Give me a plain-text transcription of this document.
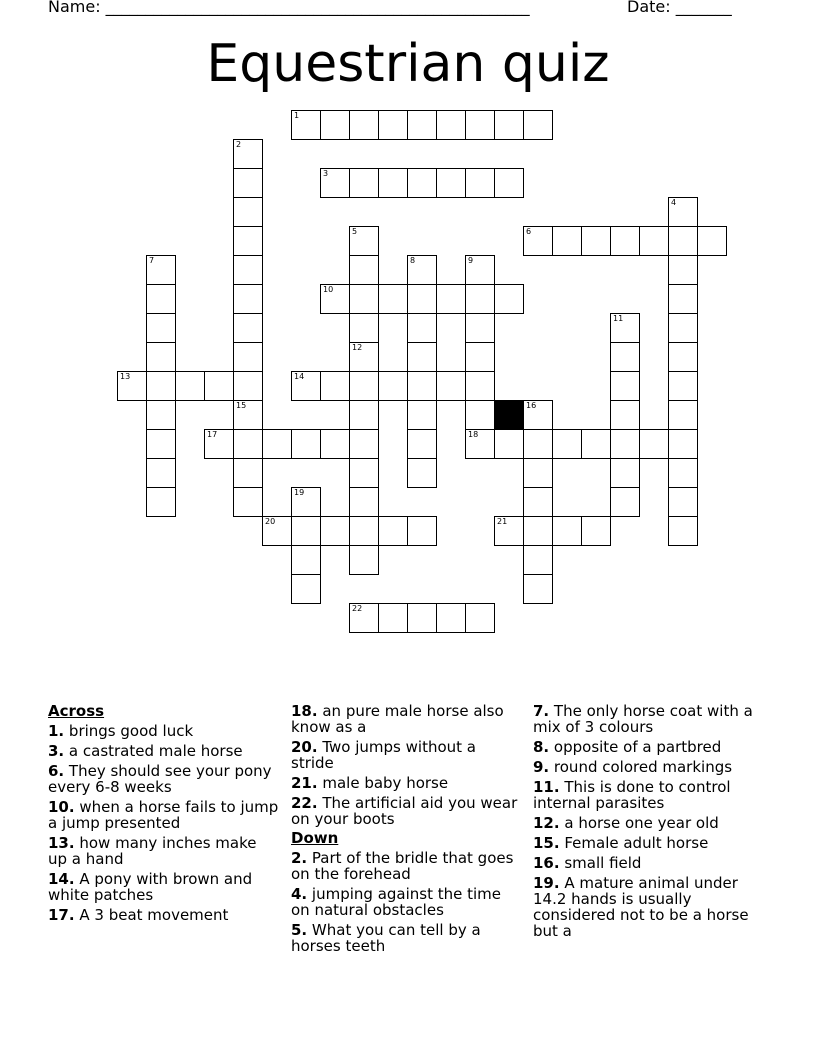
Name: _____________________________________________________	Date: _______
Equestrian quiz
1
3
6
10
13	14
17	18
20	21
22
2
15
4
5
12
7	8	9
11
16
19
Across
1. brings good luck
3. a castrated male horse
6. They should see your pony every 6-8 weeks
10. when a horse fails to jump a jump presented
13. how many inches make up a hand
14. A pony with brown and white patches
17. A 3 beat movement
18. an pure male horse also know as a
20. Two jumps without a stride
21. male baby horse
22. The artificial aid you wear on your boots
Down
2. Part of the bridle that goes on the forehead
4. jumping against the time on natural obstacles
5. What you can tell by a horses teeth
7. The only horse coat with a mix of 3 colours
8. opposite of a partbred
9. round colored markings
11. This is done to control internal parasites
12. a horse one year old
15. Female adult horse
16. small field
19. A mature animal under 14.2 hands is usually considered not to be a horse but a
